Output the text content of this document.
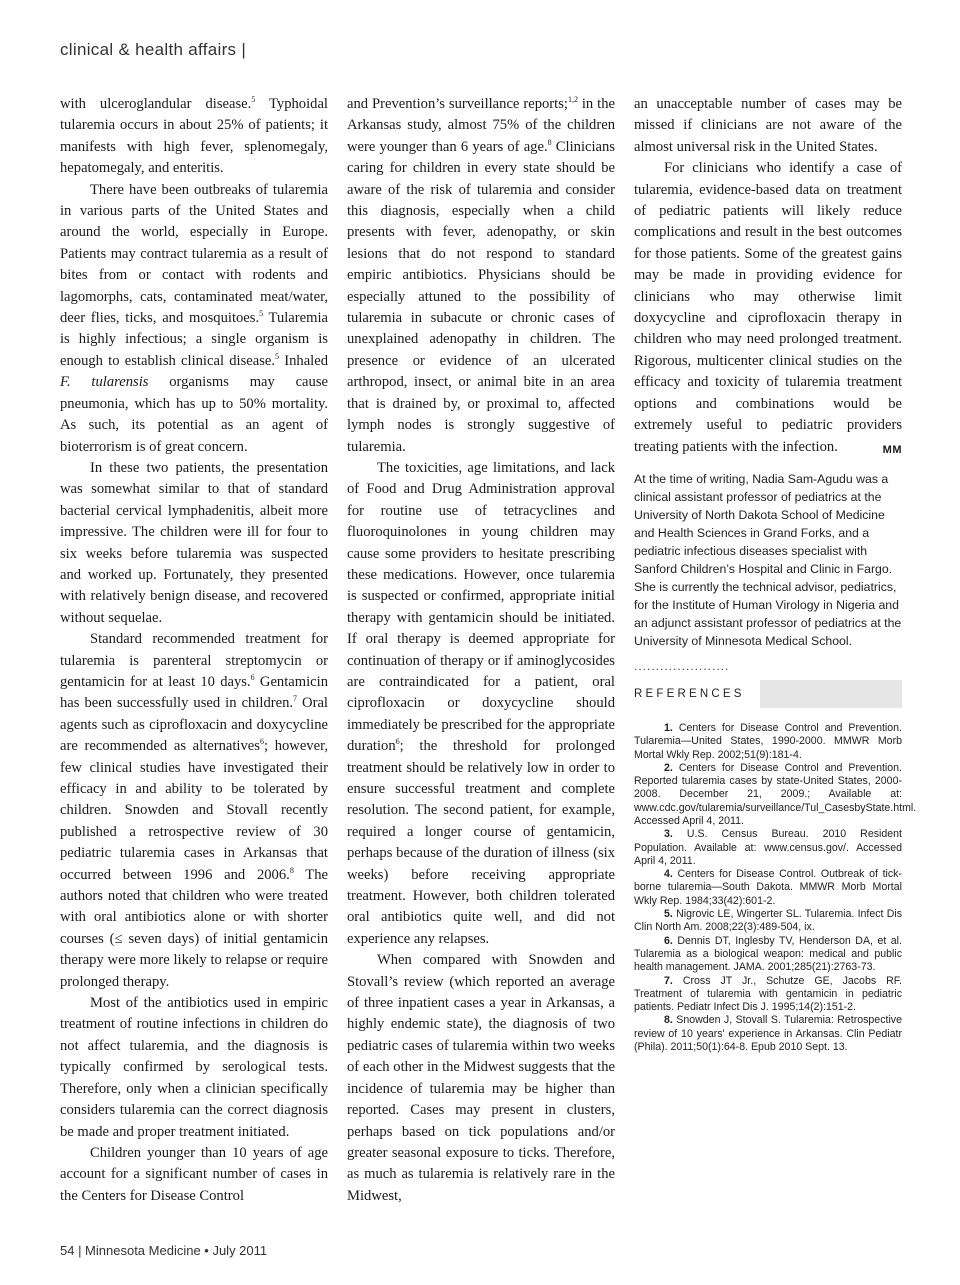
clinical & health affairs |

with ulceroglandular disease.$^5$ Typhoidal tularemia occurs in about 25% of patients; it manifests with high fever, splenomegaly, hepatomegaly, and enteritis.

There have been outbreaks of tularemia in various parts of the United States and around the world, especially in Europe. Patients may contract tularemia as a result of bites from or contact with rodents and lagomorphs, cats, contaminated meat/water, deer flies, ticks, and mosquitoes.$^5$ Tularemia is highly infectious; a single organism is enough to establish clinical disease.$^5$ Inhaled F. tularensis organisms may cause pneumonia, which has up to 50% mortality. As such, its potential as an agent of bioterrorism is of great concern.

In these two patients, the presentation was somewhat similar to that of standard bacterial cervical lymphadenitis, albeit more impressive. The children were ill for four to six weeks before tularemia was suspected and worked up. Fortunately, they presented with relatively benign disease, and recovered without sequelae.

Standard recommended treatment for tularemia is parenteral streptomycin or gentamicin for at least 10 days.$^6$ Gentamicin has been successfully used in children.$^7$ Oral agents such as ciprofloxacin and doxycycline are recommended as alternatives$^6$; however, few clinical studies have investigated their efficacy in and ability to be tolerated by children. Snowden and Stovall recently published a retrospective review of 30 pediatric tularemia cases in Arkansas that occurred between 1996 and 2006.$^8$ The authors noted that children who were treated with oral antibiotics alone or with shorter courses (≤ seven days) of initial gentamicin therapy were more likely to relapse or require prolonged therapy.

Most of the antibiotics used in empiric treatment of routine infections in children do not affect tularemia, and the diagnosis is typically confirmed by serological tests. Therefore, only when a clinician specifically considers tularemia can the correct diagnosis be made and proper treatment initiated.

Children younger than 10 years of age account for a significant number of cases in the Centers for Disease Control

and Prevention’s surveillance reports;$^{1,2}$ in the Arkansas study, almost 75% of the children were younger than 6 years of age.$^8$ Clinicians caring for children in every state should be aware of the risk of tularemia and consider this diagnosis, especially when a child presents with fever, adenopathy, or skin lesions that do not respond to standard empiric antibiotics. Physicians should be especially attuned to the possibility of tularemia in subacute or chronic cases of unexplained adenopathy in children. The presence or evidence of an ulcerated arthropod, insect, or animal bite in an area that is drained by, or proximal to, affected lymph nodes is strongly suggestive of tularemia.

The toxicities, age limitations, and lack of Food and Drug Administration approval for routine use of tetracyclines and fluoroquinolones in young children may cause some providers to hesitate prescribing these medications. However, once tularemia is suspected or confirmed, appropriate initial therapy with gentamicin should be initiated. If oral therapy is deemed appropriate for continuation of therapy or if aminoglycosides are contraindicated for a patient, oral ciprofloxacin or doxycycline should immediately be prescribed for the appropriate duration$^6$; the threshold for prolonged treatment should be relatively low in order to ensure successful treatment and complete resolution. The second patient, for example, required a longer course of gentamicin, perhaps because of the duration of illness (six weeks) before receiving appropriate treatment. However, both children tolerated oral antibiotics quite well, and did not experience any relapses.

When compared with Snowden and Stovall’s review (which reported an average of three inpatient cases a year in Arkansas, a highly endemic state), the diagnosis of two pediatric cases of tularemia within two weeks of each other in the Midwest suggests that the incidence of tularemia may be higher than reported. Cases may present in clusters, perhaps based on tick populations and/or greater seasonal exposure to ticks. Therefore, as much as tularemia is relatively rare in the Midwest,

an unacceptable number of cases may be missed if clinicians are not aware of the almost universal risk in the United States.

For clinicians who identify a case of tularemia, evidence-based data on treatment of pediatric patients will likely reduce complications and result in the best outcomes for those patients. Some of the greatest gains may be made in providing evidence for clinicians who may otherwise limit doxycycline and ciprofloxacin therapy in children who may need prolonged treatment. Rigorous, multicenter clinical studies on the efficacy and toxicity of tularemia treatment options and combinations would be extremely useful to pediatric providers treating patients with the infection.	MM

At the time of writing, Nadia Sam-Agudu was a clinical assistant professor of pediatrics at the University of North Dakota School of Medicine and Health Sciences in Grand Forks, and a pediatric infectious diseases specialist with Sanford Children’s Hospital and Clinic in Fargo. She is currently the technical advisor, pediatrics, for the Institute of Human Virology in Nigeria and an adjunct assistant professor of pediatrics at the University of Minnesota Medical School.
......................
REFERENCES

1. Centers for Disease Control and Prevention. Tularemia—United States, 1990-2000. MMWR Morb Mortal Wkly Rep. 2002;51(9):181-4.

2. Centers for Disease Control and Prevention. Reported tularemia cases by state-United States, 2000-2008. December 21, 2009.; Available at: www.cdc.gov/tularemia/surveillance/Tul_CasesbyState.html. Accessed April 4, 2011.

3. U.S. Census Bureau. 2010 Resident Population. Available at: www.census.gov/. Accessed April 4, 2011.

4. Centers for Disease Control. Outbreak of tick-borne tularemia—South Dakota. MMWR Morb Mortal Wkly Rep. 1984;33(42):601-2.

5. Nigrovic LE, Wingerter SL. Tularemia. Infect Dis Clin North Am. 2008;22(3):489-504, ix.

6. Dennis DT, Inglesby TV, Henderson DA, et al. Tularemia as a biological weapon: medical and public health management. JAMA. 2001;285(21):2763-73.

7. Cross JT Jr., Schutze GE, Jacobs RF. Treatment of tularemia with gentamicin in pediatric patients. Pediatr Infect Dis J. 1995;14(2):151-2.

8. Snowden J, Stovall S. Tularemia: Retrospective review of 10 years' experience in Arkansas. Clin Pediatr (Phila). 2011;50(1):64-8. Epub 2010 Sept. 13.

54 | Minnesota Medicine • July 2011
